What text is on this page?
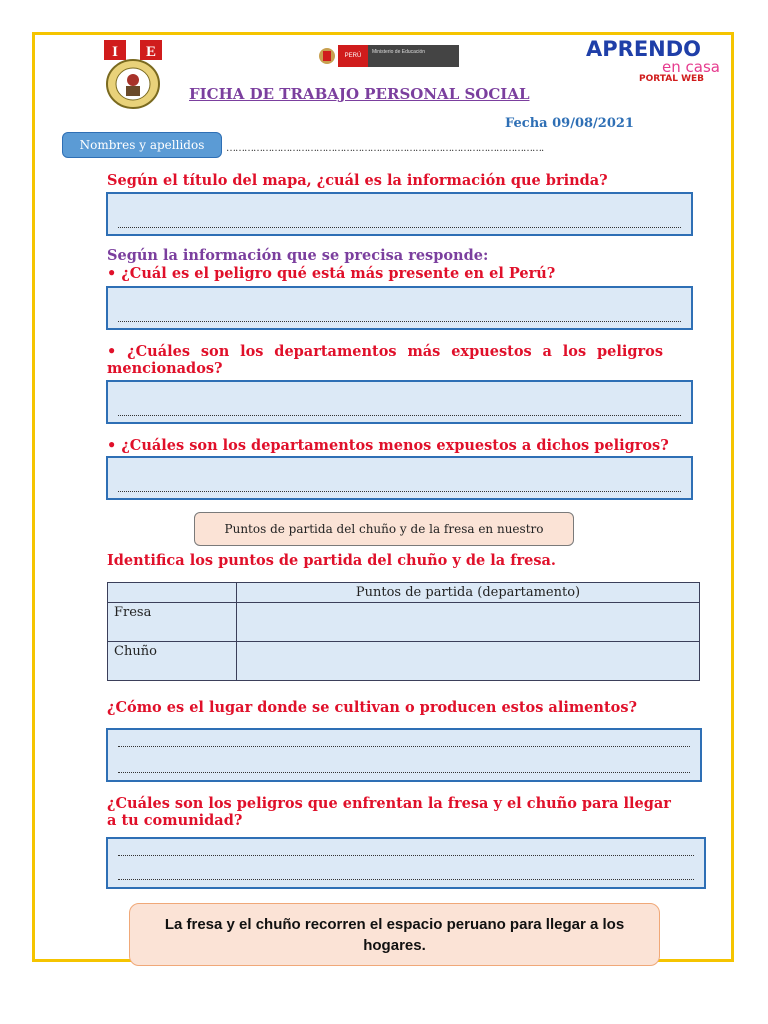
I E	PERÚ
Ministerio de Educación	APRENDO
en casa
PORTAL WEB
FICHA DE TRABAJO PERSONAL SOCIAL
Fecha 09/08/2021
Nombres y apellidos	…………………………………………………………………………………………….

Según el título del mapa, ¿cuál es la información que brinda?

Según la información que se precisa responde:

• ¿Cuál es el peligro qué está más presente en el Perú?

• ¿Cuáles son los departamentos más expuestos a los peligros mencionados?

• ¿Cuáles son los departamentos menos expuestos a dichos peligros?

Puntos de partida del chuño y de la fresa en nuestro

Identifica los puntos de partida del chuño y de la fresa.

	Puntos de partida (departamento)
Fresa	
Chuño	

¿Cómo es el lugar donde se cultivan o producen estos alimentos?

¿Cuáles son los peligros que enfrentan la fresa y el chuño para llegar a tu comunidad?

La fresa y el chuño recorren el espacio peruano para llegar a los hogares.
